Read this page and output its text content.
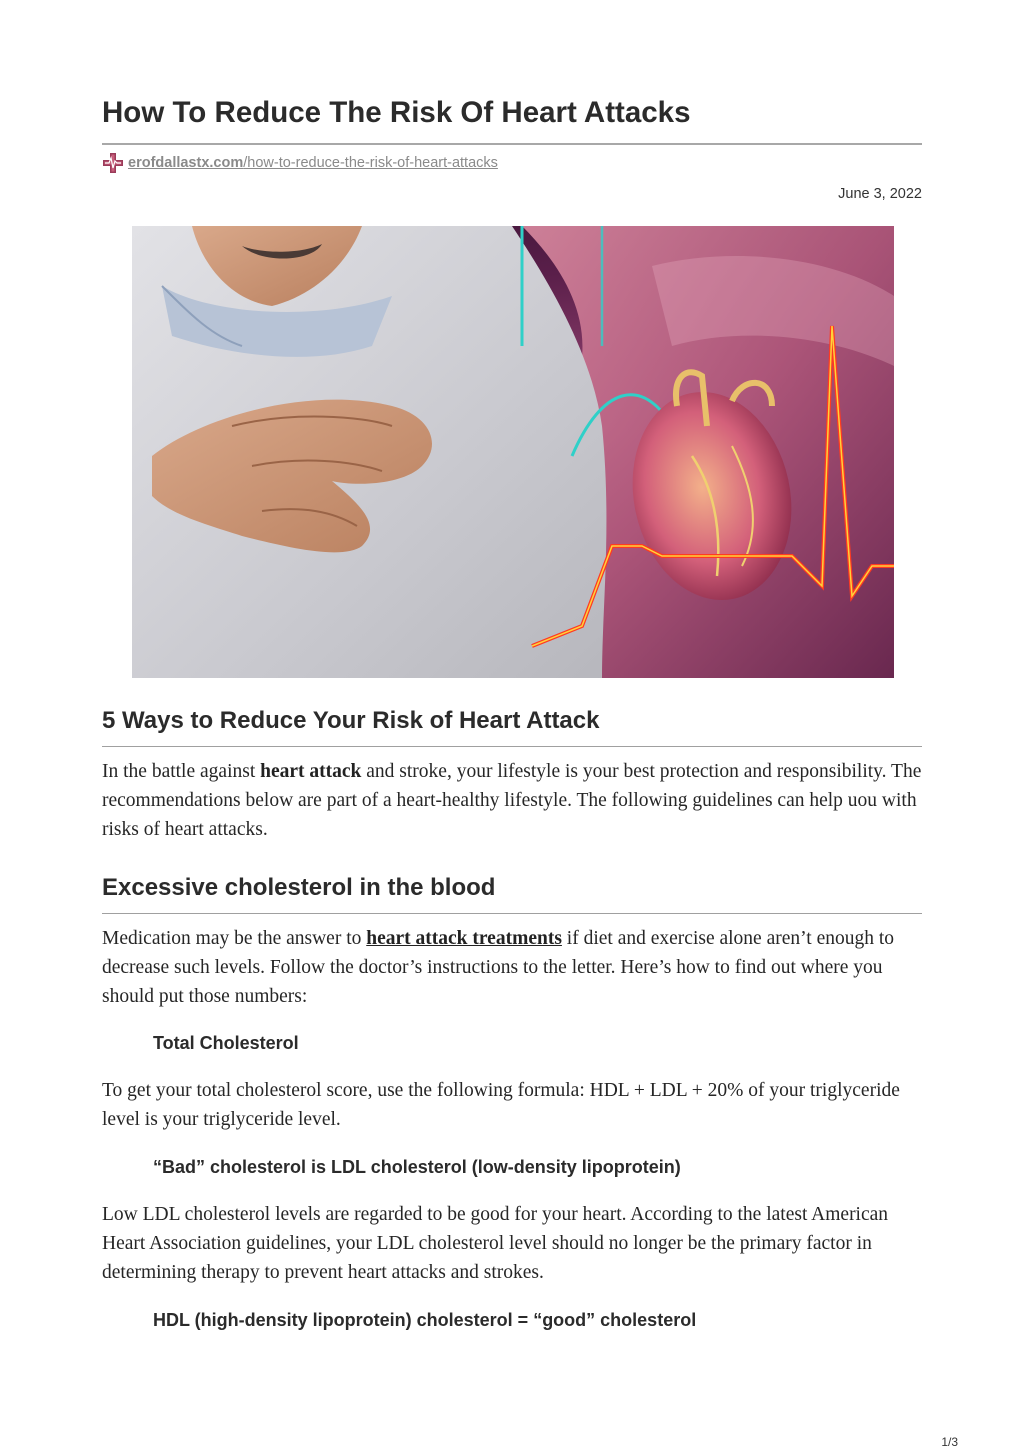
How To Reduce The Risk Of Heart Attacks
erofdallastx.com/how-to-reduce-the-risk-of-heart-attacks
June 3, 2022
5 Ways to Reduce Your Risk of Heart Attack

In the battle against heart attack and stroke, your lifestyle is your best protection and responsibility. The recommendations below are part of a heart-healthy lifestyle. The following guidelines can help uou with risks of heart attacks.

Excessive cholesterol in the blood

Medication may be the answer to heart attack treatments if diet and exercise alone aren’t enough to decrease such levels. Follow the doctor’s instructions to the letter. Here’s how to find out where you should put those numbers:

Total Cholesterol

To get your total cholesterol score, use the following formula: HDL + LDL + 20% of your triglyceride level is your triglyceride level.

“Bad” cholesterol is LDL cholesterol (low-density lipoprotein)

Low LDL cholesterol levels are regarded to be good for your heart. According to the latest American Heart Association guidelines, your LDL cholesterol level should no longer be the primary factor in determining therapy to prevent heart attacks and strokes.

HDL (high-density lipoprotein) cholesterol = “good” cholesterol
1/3
